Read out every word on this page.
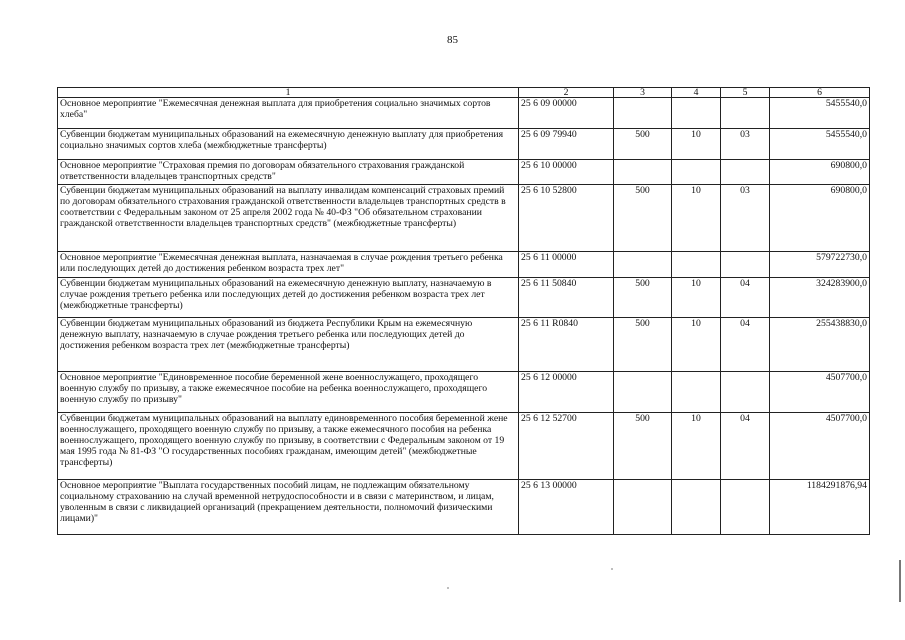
85
1	2	3	4	5	6
Основное мероприятие "Ежемесячная денежная выплата для приобретения социально значимых сортов хлеба"	25 6 09 00000				5455540,0
Субвенции бюджетам муниципальных образований на ежемесячную денежную выплату для приобретения социально значимых сортов хлеба (межбюджетные трансферты)	25 6 09 79940	500	10	03	5455540,0
Основное мероприятие "Страховая премия по договорам обязательного страхования гражданской ответственности владельцев транспортных средств"	25 6 10 00000				690800,0
Субвенции бюджетам муниципальных образований на выплату инвалидам компенсаций страховых премий по договорам обязательного страхования гражданской ответственности владельцев транспортных средств в соответствии с Федеральным законом от 25 апреля 2002 года № 40-ФЗ "Об обязательном страховании гражданской ответственности владельцев транспортных средств" (межбюджетные трансферты)	25 6 10 52800	500	10	03	690800,0
Основное мероприятие "Ежемесячная денежная выплата, назначаемая в случае рождения третьего ребенка или последующих детей до достижения ребенком возраста трех лет"	25 6 11 00000				579722730,0
Субвенции бюджетам муниципальных образований на ежемесячную денежную выплату, назначаемую в случае рождения третьего ребенка или последующих детей до достижения ребенком возраста трех лет (межбюджетные трансферты)	25 6 11 50840	500	10	04	324283900,0
Субвенции бюджетам муниципальных образований из бюджета Республики Крым на ежемесячную денежную выплату, назначаемую в случае рождения третьего ребенка или последующих детей до достижения ребенком возраста трех лет (межбюджетные трансферты)	25 6 11 R0840	500	10	04	255438830,0
Основное мероприятие "Единовременное пособие беременной жене военнослужащего, проходящего военную службу по призыву, а также ежемесячное пособие на ребенка военнослужащего, проходящего военную службу по призыву"	25 6 12 00000				4507700,0
Субвенции бюджетам муниципальных образований на выплату единовременного пособия беременной жене военнослужащего, проходящего военную службу по призыву, а также ежемесячного пособия на ребенка военнослужащего, проходящего военную службу по призыву, в соответствии с Федеральным законом от 19 мая 1995 года № 81-ФЗ "О государственных пособиях гражданам, имеющим детей" (межбюджетные трансферты)	25 6 12 52700	500	10	04	4507700,0
Основное мероприятие "Выплата государственных пособий лицам, не подлежащим обязательному социальному страхованию на случай временной нетрудоспособности и в связи с материнством, и лицам, уволенным в связи с ликвидацией организаций (прекращением деятельности, полномочий физическими лицами)"	25 6 13 00000				1184291876,94
